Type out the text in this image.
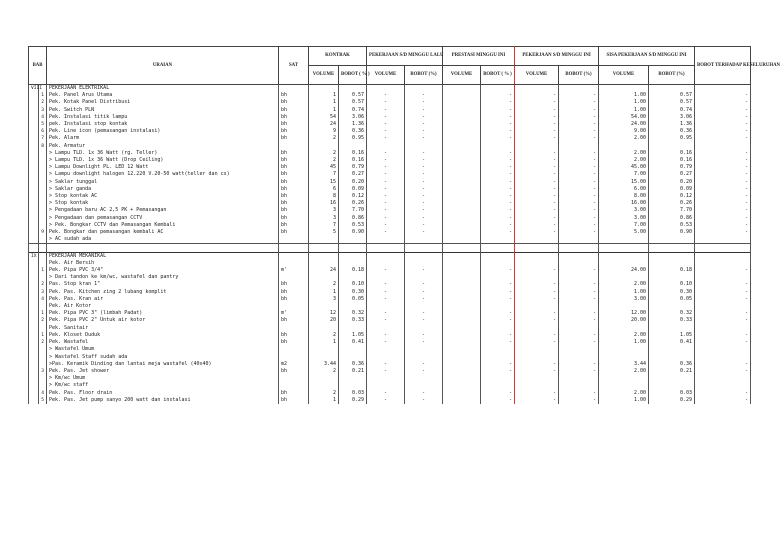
BAB		URAIAN	SAT	KONTRAK		PEKERJAAN S/D MINGGU LALU		PRESTASI MINGGU INI		PEKERJAAN S/D MINGGU INI		SISA PEKERJAAN S/D MINGGU INI		BOBOT TERHADAP KESELURUHAN
				VOLUME	BOBOT ( % )	VOLUME	BOBOT (%)	VOLUME	BOBOT ( % )	VOLUME	BOBOT (%)	VOLUME	BOBOT (%)	
VIII		PEKERJAAN ELEKTRIKAL												
	1	Pek. Panel Arus Utama	bh	1	0.57	-	-		-	-	-	1.00	0.57	-
	2	Pek. Kotak Panel Distribusi	bh	1	0.57	-	-		-	-	-	1.00	0.57	-
	3	Pek. Switch PLN	bh	1	0.74	-	-		-	-	-	1.00	0.74	-
	4	Pek. Instalasi titik lampu	bh	54	3.06	-	-		-	-	-	54.00	3.06	-
	5	pek. Instalasi stop kontak	bh	24	1.36	-	-		-	-	-	24.00	1.36	-
	6	Pek. Line icon (pemasangan instalasi)	bh	9	0.36	-	-		-	-	-	9.00	0.36	-
	7	Pek. Alarm	bh	2	0.95	-	-		-	-	-	2.00	0.95	-
	8	Pek. Armatur												
		> Lampu TLD. 1x 36 Watt (rg. Teller)	bh	2	0.16	-	-		-	-	-	2.00	0.16	-
		> Lampu TLD. 1x 36 Watt (Drop Ceiling)	bh	2	0.16	-	-		-	-	-	2.00	0.16	-
		> Lampu Downlight PL. LED 12 Watt	bh	45	0.79	-	-		-	-	-	45.00	0.79	-
		> Lampu downlight halogen 12.220 V.20-50 watt(teller dan cs)	bh	7	0.27	-	-		-	-	-	7.00	0.27	-
		> Saklar tunggal	bh	15	0.20	-	-		-	-	-	15.00	0.20	-
		> Saklar ganda	bh	6	0.09	-	-		-	-	-	6.00	0.09	-
		> Stop kontak AC	bh	8	0.12	-	-		-	-	-	8.00	0.12	-
		> Stop kontak	bh	16	0.26	-	-		-	-	-	16.00	0.26	-
		> Pengadaan baru AC 2,5 PK + Pemasangan	bh	3	7.70	-	-		-	-	-	3.00	7.70	-
		> Pengadaan dan pemasangan CCTV	bh	3	0.86	-	-		-	-	-	3.00	0.86	-
		> Pek. Bongkar CCTV dan Pemasangan Kembali	bh	7	0.53	-	-		-	-	-	7.00	0.53	-
	9	Pek. Bongkar dan pemasangan kembali AC	bh	5	0.90	-	-		-	-	-	5.00	0.90	-
		> AC sudah ada												

IX		PEKERJAAN MEKANIKAL												
		Pek. Air Bersih												
	1	Pek. Pipa PVC 3/4"	m'	24	0.18	-	-		-	-	-	24.00	0.18	-
		> Dari tandon ke km/wc, wastafel dan pantry												
	2	Pas. Stop kran 1"	bh	2	0.10	-	-		-	-	-	2.00	0.10	-
	3	Pek. Pas. Kitchen zing 2 lubang komplit	bh	1	0.30	-	-		-	-	-	1.00	0.30	-
	4	Pek. Pas. Kran air	bh	3	0.05	-	-		-	-	-	3.00	0.05	-
		Pek. Air Kotor												
	1	Pek. Pipa PVC 3" (limbah Padat)	m'	12	0.32	-	-		-	-	-	12.00	0.32	-
	2	Pek. Pipa PVC 2" Untuk air kotor	bh	20	0.33	-	-		-	-	-	20.00	0.33	-
		Pek. Sanitair												
	1	Pek. Kloset Duduk	bh	2	1.05	-	-		-	-	-	2.00	1.05	-
	2	Pek. Wastafel	bh	1	0.41	-	-		-	-	-	1.00	0.41	-
		> Wastafel Umum												
		> Wastafel Staff sudah ada												
		>Pas. Keramik Dinding dan lantai meja wastafel (40x40)	m2	3.44	0.36	-	-		-	-	-	3.44	0.36	-
	3	Pek. Pas. Jet shower	bh	2	0.21	-	-		-	-	-	2.00	0.21	-
		> Km/wc Umum												
		> Km/wc staff												
	4	Pek. Pas. Floor drain	bh	2	0.03	-	-		-	-	-	2.00	0.03	-
	5	Pek. Pas. Jet pump sanyo 200 watt dan instalasi	bh	1	0.29	-	-		-	-	-	1.00	0.29	-
